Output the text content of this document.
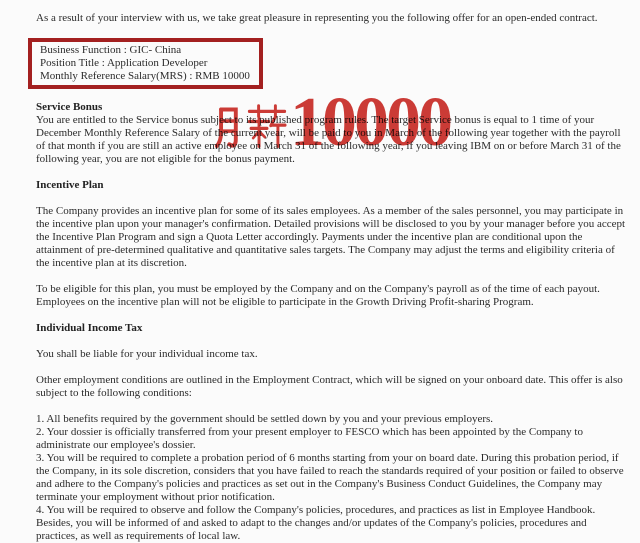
As a result of your interview with us, we take great pleasure in representing you the following offer for an open-ended contract.

Business Function : GIC- China
Position Title : Application Developer
Monthly Reference Salary(MRS) : RMB 10000
Service Bonus

You are entitled to the Service bonus subject to its published program rules. The target Service bonus is equal to 1 time of your December Monthly Reference Salary of the current year, will be paid to you in March of the following year together with the payroll of that month if you are still an active employee on March 31 of the following year, if you leaving IBM on or before March 31 of the following year, you are not eligible for the bonus payment.

Incentive Plan

The Company provides an incentive plan for some of its sales employees. As a member of the sales personnel, you may participate in the incentive plan upon your manager's confirmation. Detailed provisions will be disclosed to you by your manager before you accept the Incentive Plan Program and sign a Quota Letter accordingly. Payments under the incentive plan are conditional upon the attainment of pre-determined qualitative and quantitative sales targets. The Company may adjust the terms and eligibility criteria of the incentive plan at its discretion.

To be eligible for this plan, you must be employed by the Company and on the Company's payroll as of the time of each payout. Employees on the incentive plan will not be eligible to participate in the Growth Driving Profit-sharing Program.

Individual Income Tax

You shall be liable for your individual income tax.

Other employment conditions are outlined in the Employment Contract, which will be signed on your onboard date. This offer is also subject to the following conditions:

1. All benefits required by the government should be settled down by you and your previous employers.
2. Your dossier is officially transferred from your present employer to FESCO which has been appointed by the Company to administrate our employee's dossier.
3. You will be required to complete a probation period of 6 months starting from your on board date. During this probation period, if the Company, in its sole discretion, considers that you have failed to reach the standards required of your position or failed to observe and adhere to the Company's policies and practices as set out in the Company's Business Conduct Guidelines, the Company may terminate your employment without prior notification.
4. You will be required to observe and follow the Company's policies, procedures, and practices as list in Employee Handbook. Besides, you will be informed of and asked to adapt to the changes and/or updates of the Company's policies, procedures and practices, as well as requirements of local law.
10000
